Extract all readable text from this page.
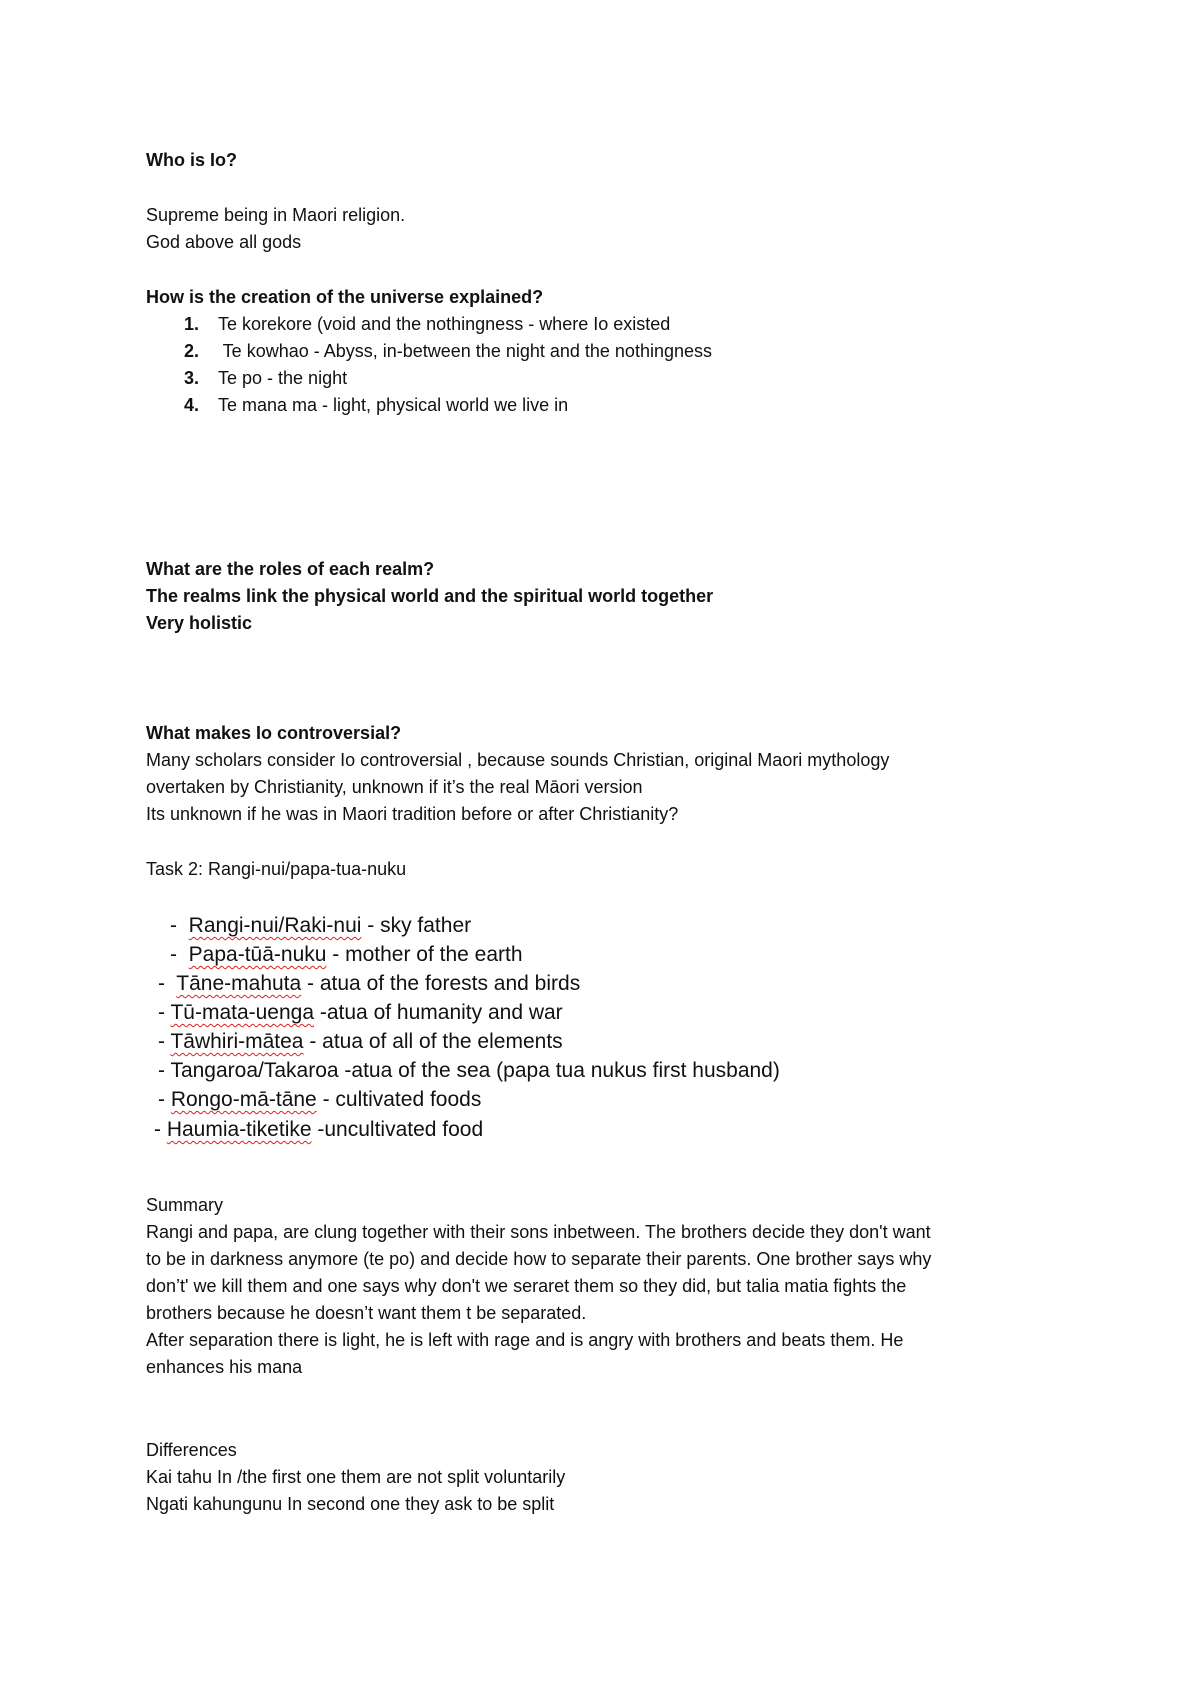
Who is Io?
Supreme being in Maori religion.
God above all gods
How is the creation of the universe explained?
1. Te korekore (void and the nothingness - where Io existed
2. Te kowhao - Abyss, in-between the night and the nothingness
3. Te po - the night
4. Te mana ma - light, physical world we live in
What are the roles of each realm?
The realms link the physical world and the spiritual world together
Very holistic
What makes Io controversial?
Many scholars consider Io controversial , because sounds Christian, original Maori mythology
overtaken by Christianity, unknown if it’s the real Māori version
Its unknown if he was in Maori tradition before or after Christianity?
Task 2: Rangi-nui/papa-tua-nuku
-  Rangi-nui/Raki-nui - sky father
-  Papa-tūā-nuku - mother of the earth
-  Tāne-mahuta - atua of the forests and birds
- Tū-mata-uenga -atua of humanity and war
- Tāwhiri-mātea - atua of all of the elements
- Tangaroa/Takaroa -atua of the sea (papa tua nukus first husband)
- Rongo-mā-tāne - cultivated foods
- Haumia-tiketike -uncultivated food
Summary
Rangi and papa, are clung together with their sons inbetween. The brothers decide they don't want
to be in darkness anymore (te po) and decide how to separate their parents. One brother says why
don’t' we kill them and one says why don't we seraret them so they did, but talia matia fights the
brothers because he doesn’t want them t be separated.
After separation there is light, he is left with rage and is angry with brothers and beats them. He
enhances his mana
Differences
Kai tahu In /the first one them are not split voluntarily
Ngati kahungunu In second one they ask to be split
